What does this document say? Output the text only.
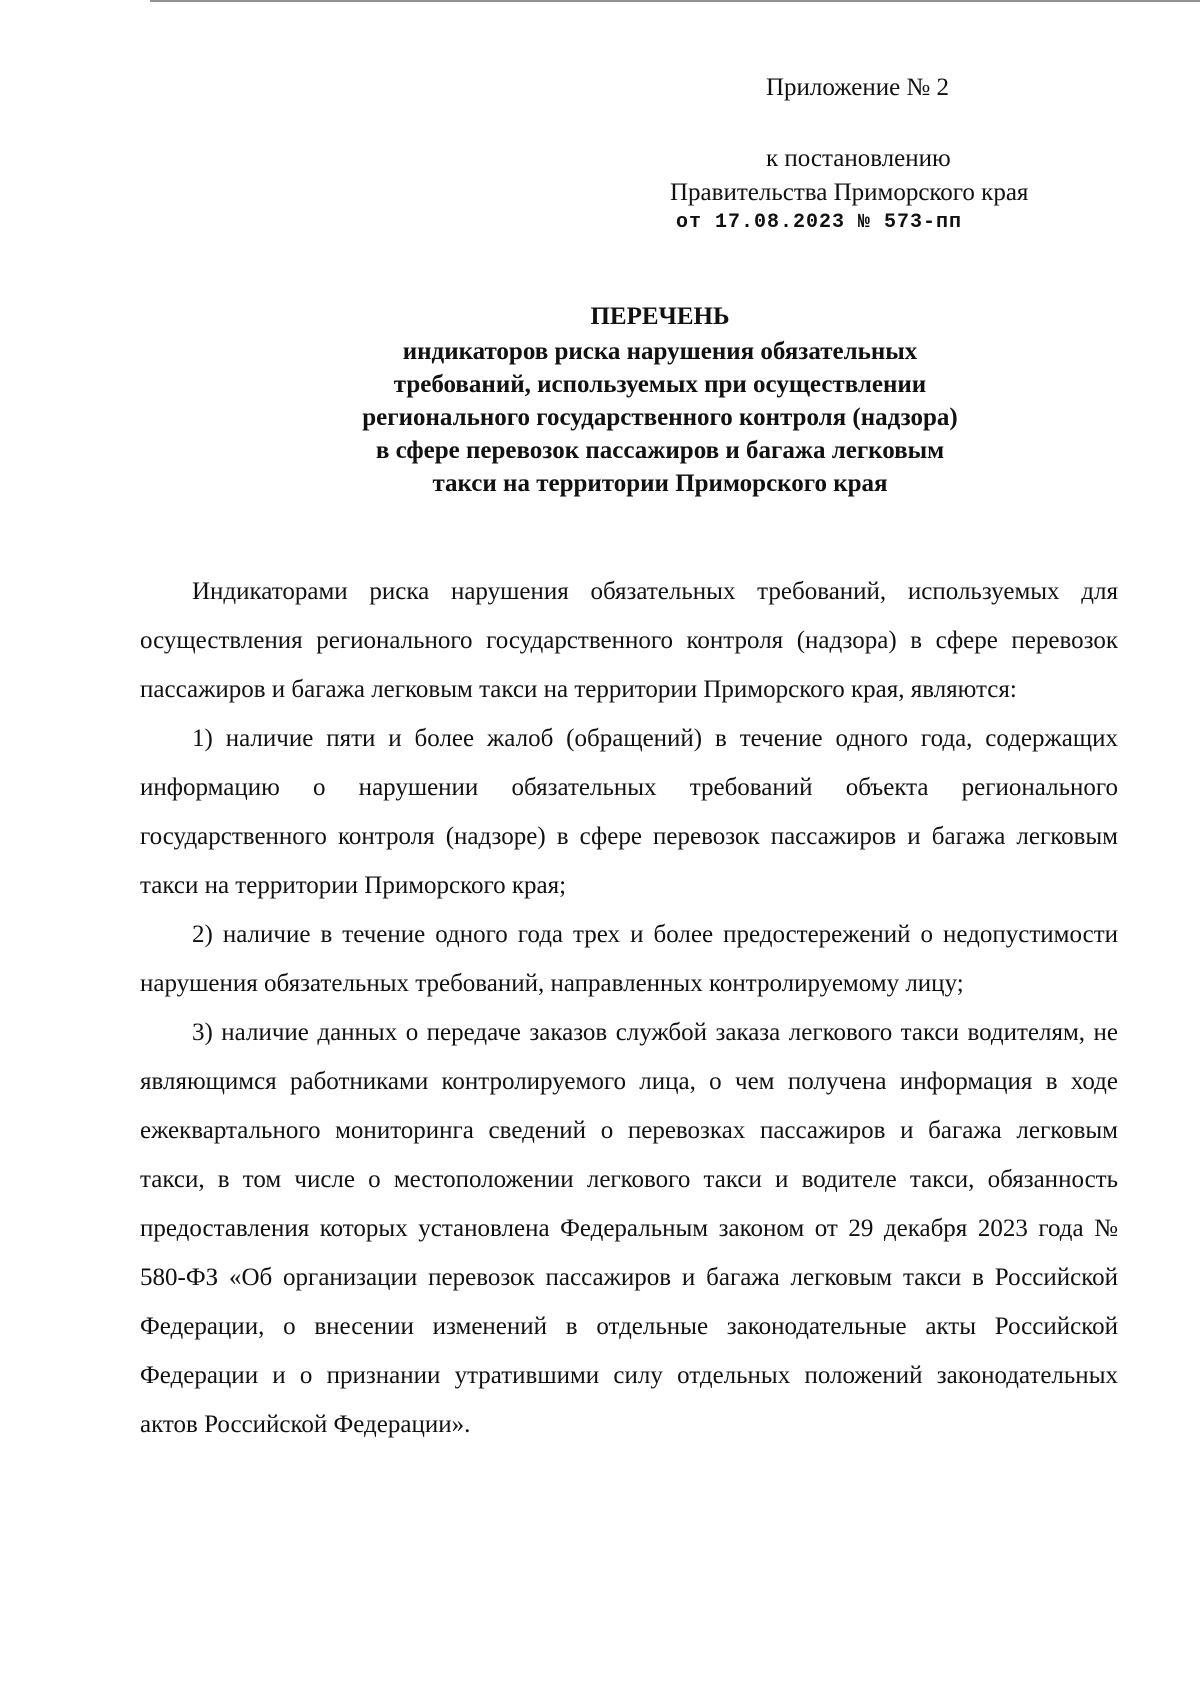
Приложение № 2
к постановлению
Правительства Приморского края
от 17.08.2023 № 573-пп
ПЕРЕЧЕНЬ
индикаторов риска нарушения обязательных
требований, используемых при осуществлении
регионального государственного контроля (надзора)
в сфере перевозок пассажиров и багажа легковым
такси на территории Приморского края

Индикаторами риска нарушения обязательных требований, используемых для осуществления регионального государственного контроля (надзора) в сфере перевозок пассажиров и багажа легковым такси на территории Приморского края, являются:

1) наличие пяти и более жалоб (обращений) в течение одного года, содержащих информацию о нарушении обязательных требований объекта регионального государственного контроля (надзоре) в сфере перевозок пассажиров и багажа легковым такси на территории Приморского края;

2) наличие в течение одного года трех и более предостережений о недопустимости нарушения обязательных требований, направленных контролируемому лицу;

3) наличие данных о передаче заказов службой заказа легкового такси водителям, не являющимся работниками контролируемого лица, о чем получена информация в ходе ежеквартального мониторинга сведений о перевозках пассажиров и багажа легковым такси, в том числе о местоположении легкового такси и водителе такси, обязанность предоставления которых установлена Федеральным законом от 29 декабря 2023 года № 580-ФЗ «Об организации перевозок пассажиров и багажа легковым такси в Российской Федерации, о внесении изменений в отдельные законодательные акты Российской Федерации и о признании утратившими силу отдельных положений законодательных актов Российской Федерации».
